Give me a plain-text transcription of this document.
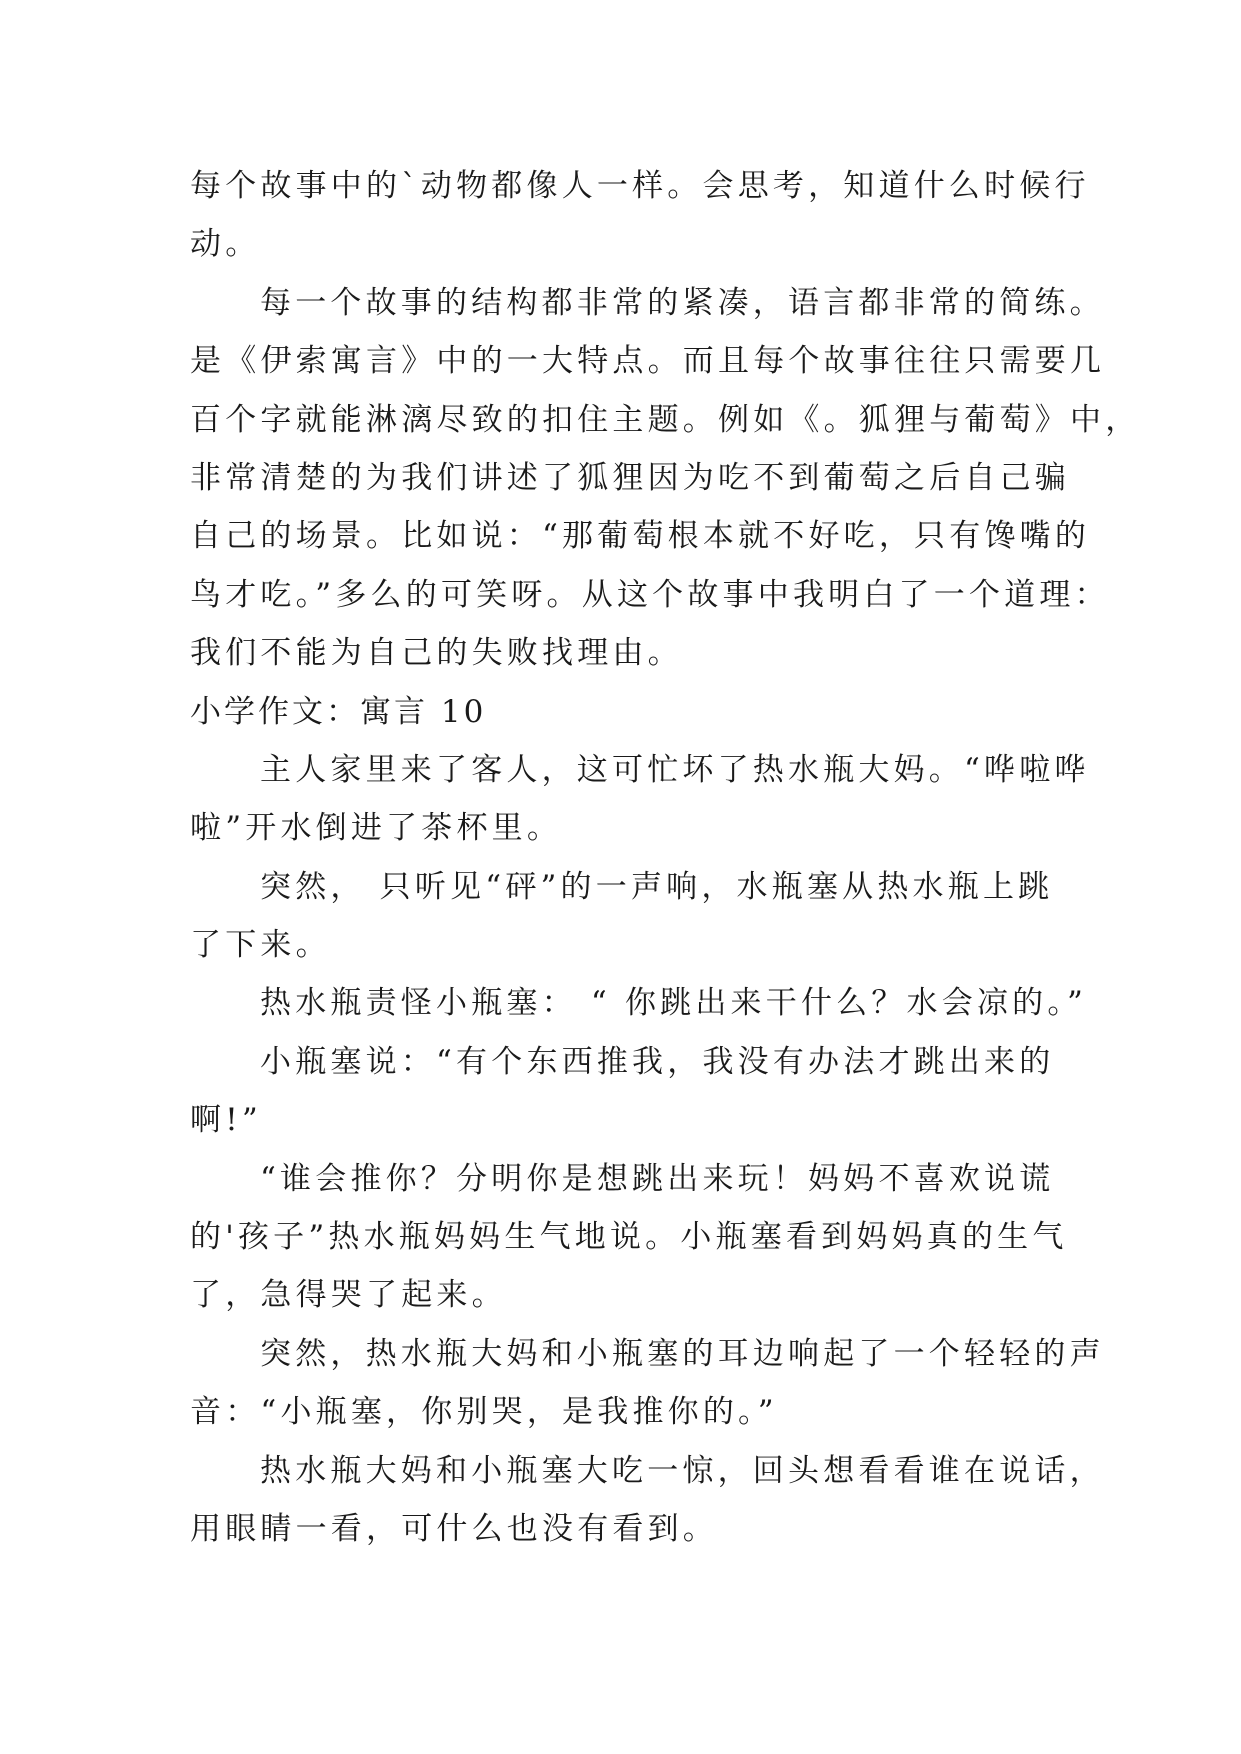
每个故事中的`动物都像人一样。会思考，知道什么时候行
动。
每一个故事的结构都非常的紧凑，语言都非常的简练。
是《伊索寓言》中的一大特点。而且每个故事往往只需要几
百个字就能淋漓尽致的扣住主题。例如《。狐狸与葡萄》中，
非常清楚的为我们讲述了狐狸因为吃不到葡萄之后自己骗
自己的场景。比如说：“那葡萄根本就不好吃，只有馋嘴的
鸟才吃。”多么的可笑呀。从这个故事中我明白了一个道理：
我们不能为自己的失败找理由。
小学作文：寓言 10
主人家里来了客人，这可忙坏了热水瓶大妈。“哗啦哗
啦”开水倒进了茶杯里。
突然， 只听见“砰”的一声响，水瓶塞从热水瓶上跳
了下来。
热水瓶责怪小瓶塞： “ 你跳出来干什么？水会凉的。”
小瓶塞说：“有个东西推我，我没有办法才跳出来的
啊!”
“谁会推你？分明你是想跳出来玩！妈妈不喜欢说谎
的'孩子”热水瓶妈妈生气地说。小瓶塞看到妈妈真的生气
了，急得哭了起来。
突然，热水瓶大妈和小瓶塞的耳边响起了一个轻轻的声
音：“小瓶塞，你别哭，是我推你的。”
热水瓶大妈和小瓶塞大吃一惊，回头想看看谁在说话，
用眼睛一看，可什么也没有看到。
